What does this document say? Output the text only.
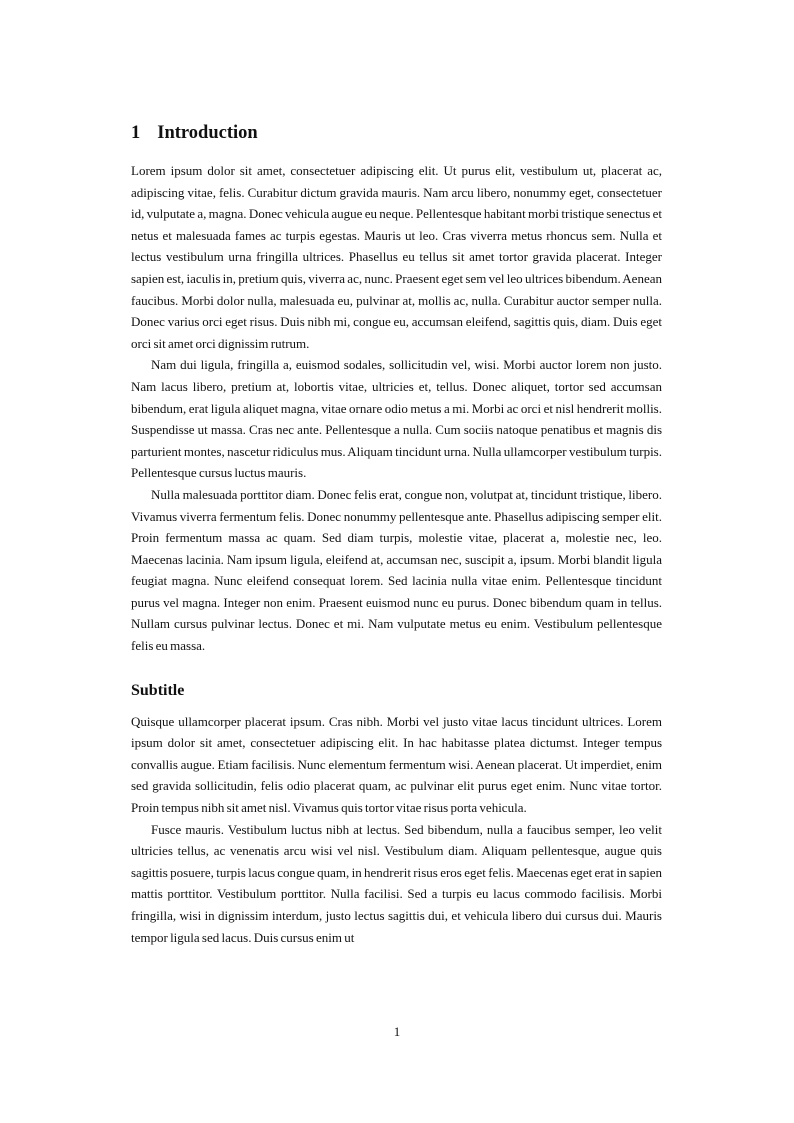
1 Introduction

Lorem ipsum dolor sit amet, consectetuer adipiscing elit. Ut purus elit, vestibulum ut, placerat ac, adipiscing vitae, felis. Curabitur dictum gravida mauris. Nam arcu libero, nonummy eget, consectetuer id, vulputate a, magna. Donec vehicula augue eu neque. Pellentesque habitant morbi tristique senectus et netus et malesuada fames ac turpis egestas. Mauris ut leo. Cras viverra metus rhoncus sem. Nulla et lectus vestibulum urna fringilla ultrices. Phasellus eu tellus sit amet tortor gravida placerat. Integer sapien est, iaculis in, pretium quis, viverra ac, nunc. Praesent eget sem vel leo ultrices bibendum. Aenean faucibus. Morbi dolor nulla, malesuada eu, pulvinar at, mollis ac, nulla. Curabitur auctor semper nulla. Donec varius orci eget risus. Duis nibh mi, congue eu, accumsan eleifend, sagittis quis, diam. Duis eget orci sit amet orci dignissim rutrum.

Nam dui ligula, fringilla a, euismod sodales, sollicitudin vel, wisi. Morbi auctor lorem non justo. Nam lacus libero, pretium at, lobortis vitae, ultricies et, tellus. Donec aliquet, tortor sed accumsan bibendum, erat ligula aliquet magna, vitae ornare odio metus a mi. Morbi ac orci et nisl hendrerit mollis. Suspendisse ut massa. Cras nec ante. Pellentesque a nulla. Cum sociis natoque penatibus et magnis dis parturient montes, nascetur ridiculus mus. Aliquam tincidunt urna. Nulla ullamcorper vestibulum turpis. Pellentesque cursus luctus mauris.

Nulla malesuada porttitor diam. Donec felis erat, congue non, volutpat at, tincidunt tristique, libero. Vivamus viverra fermentum felis. Donec nonummy pellentesque ante. Phasellus adipiscing semper elit. Proin fermentum massa ac quam. Sed diam turpis, molestie vitae, placerat a, molestie nec, leo. Maecenas lacinia. Nam ipsum ligula, eleifend at, accumsan nec, suscipit a, ipsum. Morbi blandit ligula feugiat magna. Nunc eleifend consequat lorem. Sed lacinia nulla vitae enim. Pellentesque tincidunt purus vel magna. Integer non enim. Praesent euismod nunc eu purus. Donec bibendum quam in tellus. Nullam cursus pulvinar lectus. Donec et mi. Nam vulputate metus eu enim. Vestibulum pellentesque felis eu massa.

Subtitle

Quisque ullamcorper placerat ipsum. Cras nibh. Morbi vel justo vitae lacus tincidunt ultrices. Lorem ipsum dolor sit amet, consectetuer adipiscing elit. In hac habitasse platea dictumst. Integer tempus convallis augue. Etiam facilisis. Nunc elementum fermentum wisi. Aenean placerat. Ut imperdiet, enim sed gravida sollicitudin, felis odio placerat quam, ac pulvinar elit purus eget enim. Nunc vitae tortor. Proin tempus nibh sit amet nisl. Vivamus quis tortor vitae risus porta vehicula.

Fusce mauris. Vestibulum luctus nibh at lectus. Sed bibendum, nulla a faucibus semper, leo velit ultricies tellus, ac venenatis arcu wisi vel nisl. Vestibulum diam. Aliquam pellentesque, augue quis sagittis posuere, turpis lacus congue quam, in hendrerit risus eros eget felis. Maecenas eget erat in sapien mattis porttitor. Vestibulum porttitor. Nulla facilisi. Sed a turpis eu lacus commodo facilisis. Morbi fringilla, wisi in dignissim interdum, justo lectus sagittis dui, et vehicula libero dui cursus dui. Mauris tempor ligula sed lacus. Duis cursus enim ut

1
